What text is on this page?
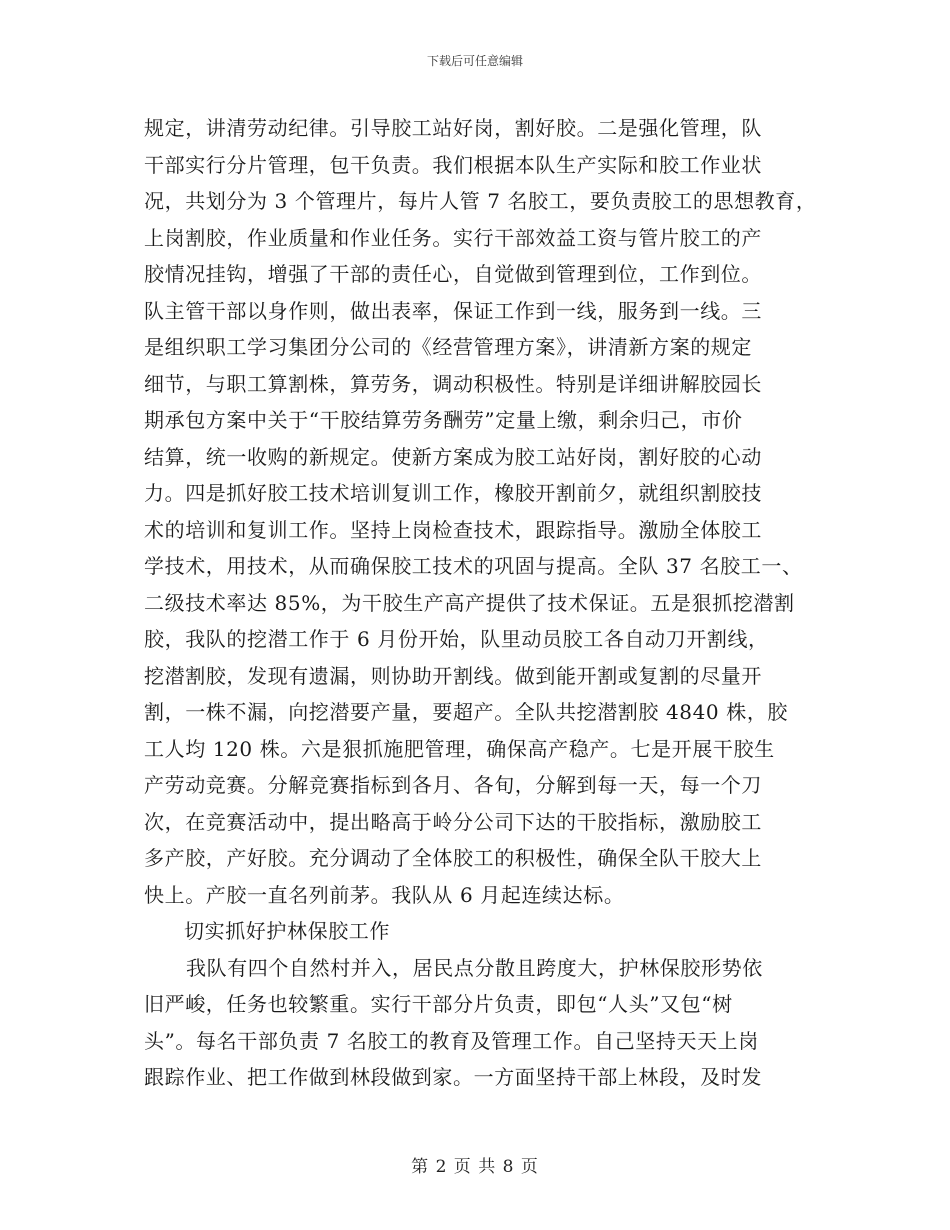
下载后可任意编辑
规定，讲清劳动纪律。引导胶工站好岗，割好胶。二是强化管理，队
干部实行分片管理，包干负责。我们根据本队生产实际和胶工作业状
况，共划分为 3 个管理片，每片人管 7 名胶工，要负责胶工的思想教育，
上岗割胶，作业质量和作业任务。实行干部效益工资与管片胶工的产
胶情况挂钩，增强了干部的责任心，自觉做到管理到位，工作到位。
队主管干部以身作则，做出表率，保证工作到一线，服务到一线。三
是组织职工学习集团分公司的《经营管理方案》，讲清新方案的规定
细节，与职工算割株，算劳务，调动积极性。特别是详细讲解胶园长
期承包方案中关于“干胶结算劳务酬劳”定量上缴，剩余归己，市价
结算，统一收购的新规定。使新方案成为胶工站好岗，割好胶的心动
力。四是抓好胶工技术培训复训工作，橡胶开割前夕，就组织割胶技
术的培训和复训工作。坚持上岗检查技术，跟踪指导。激励全体胶工
学技术，用技术，从而确保胶工技术的巩固与提高。全队 37 名胶工一、
二级技术率达 85%，为干胶生产高产提供了技术保证。五是狠抓挖潜割
胶，我队的挖潜工作于 6 月份开始，队里动员胶工各自动刀开割线，
挖潜割胶，发现有遗漏，则协助开割线。做到能开割或复割的尽量开
割，一株不漏，向挖潜要产量，要超产。全队共挖潜割胶 4840 株，胶
工人均 120 株。六是狠抓施肥管理，确保高产稳产。七是开展干胶生
产劳动竞赛。分解竞赛指标到各月、各旬，分解到每一天，每一个刀
次，在竞赛活动中，提出略高于岭分公司下达的干胶指标，激励胶工
多产胶，产好胶。充分调动了全体胶工的积极性，确保全队干胶大上
快上。产胶一直名列前茅。我队从 6 月起连续达标。
切实抓好护林保胶工作
我队有四个自然村并入，居民点分散且跨度大，护林保胶形势依
旧严峻，任务也较繁重。实行干部分片负责，即包“人头”又包“树
头”。每名干部负责 7 名胶工的教育及管理工作。自己坚持天天上岗
跟踪作业、把工作做到林段做到家。一方面坚持干部上林段，及时发
第 2 页 共 8 页
